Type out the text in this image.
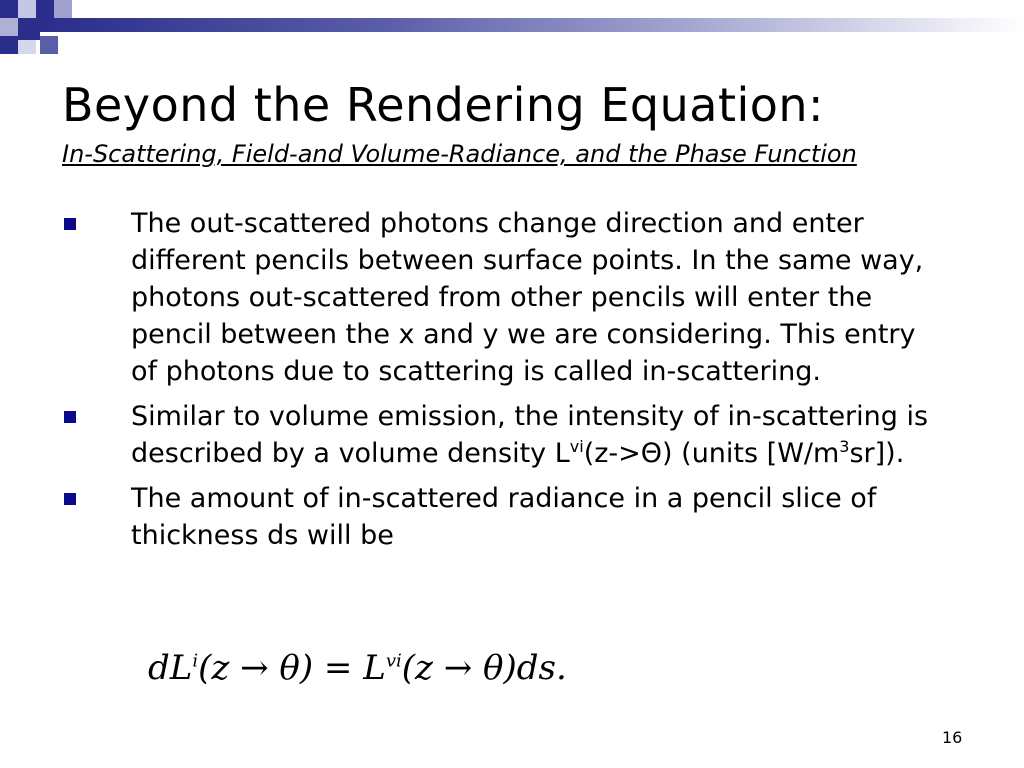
Beyond the Rendering Equation:
In-Scattering, Field-and Volume-Radiance, and the Phase Function
The out-scattered photons change direction and enter different pencils between surface points. In the same way, photons out-scattered from other pencils will enter the pencil between the x and y we are considering. This entry of photons due to scattering is called in-scattering.
Similar to volume emission, the intensity of in-scattering is described by a volume density $L^{vi}(z->\Theta)$ (units $[W/m^3sr]$).
The amount of in-scattered radiance in a pencil slice of thickness ds will be
$dL^i(z \to \theta) = L^{vi}(z \to \theta)ds$.
16
